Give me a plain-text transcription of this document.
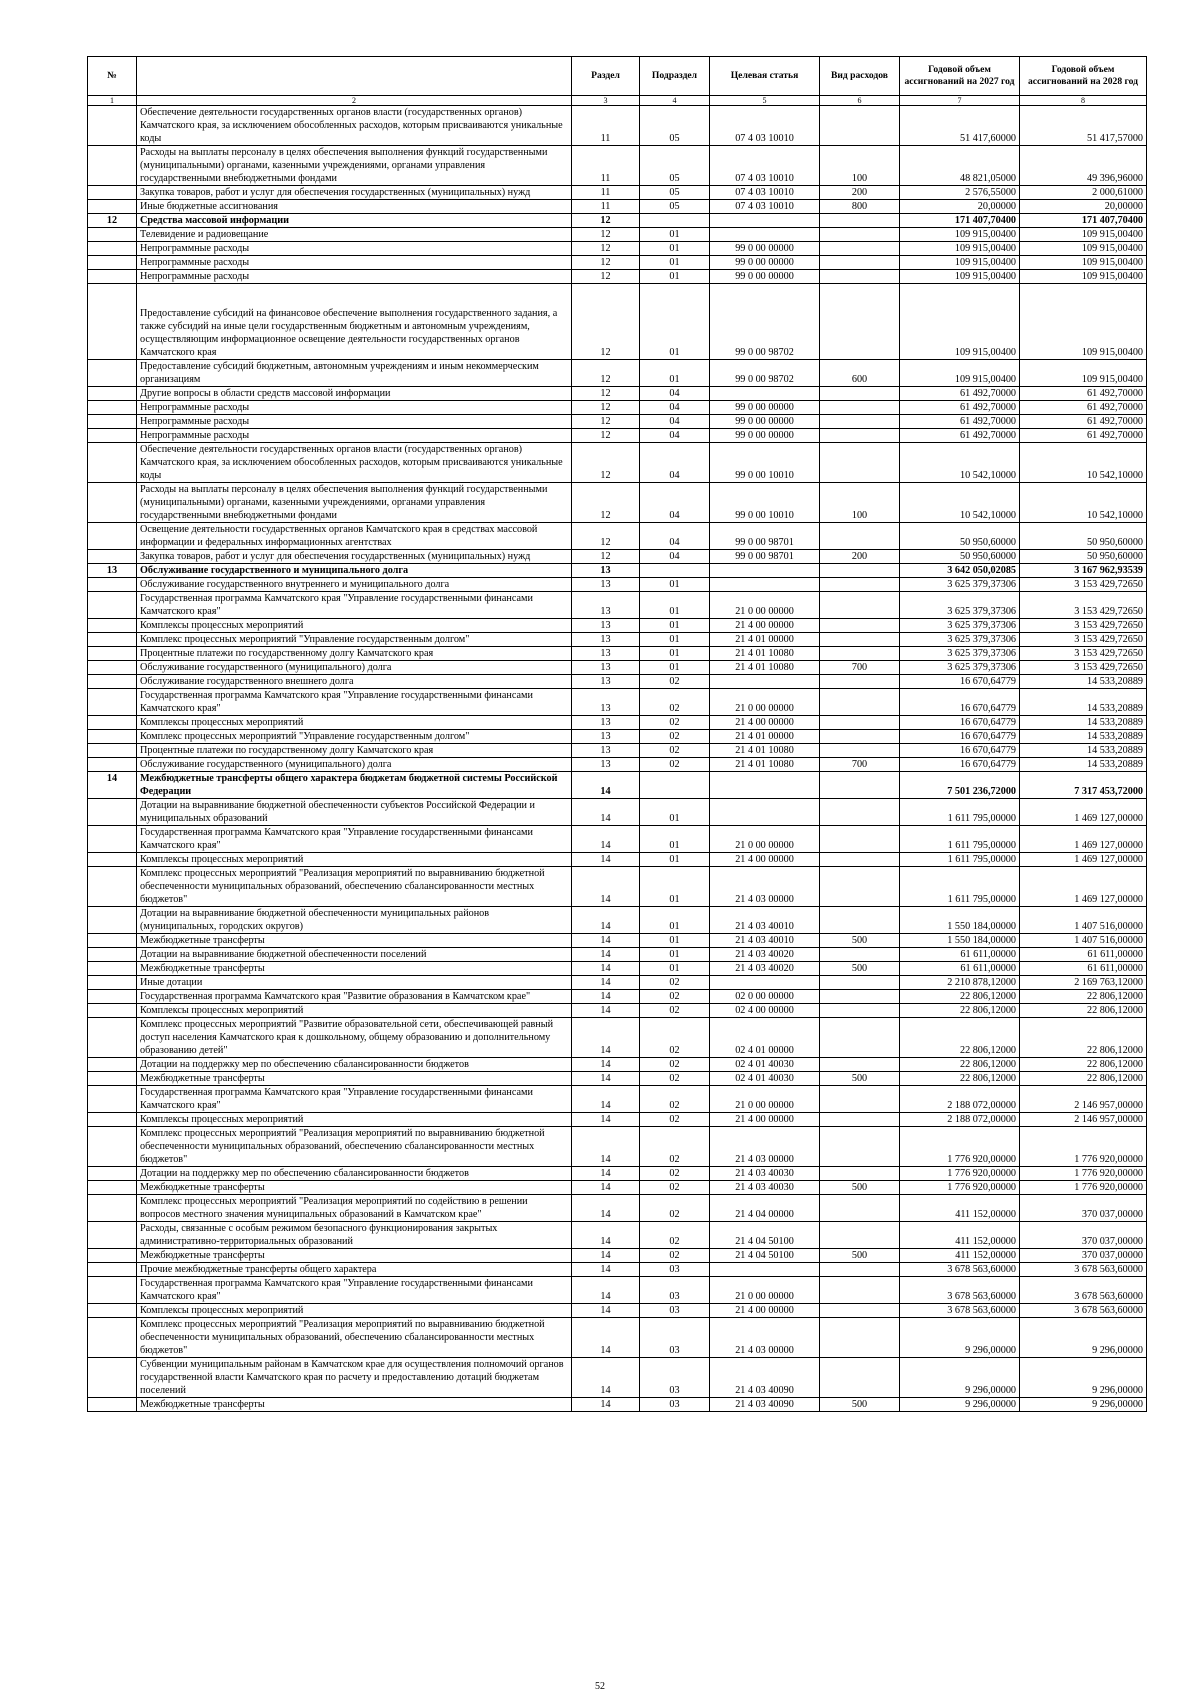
№		Раздел	Подраздел	Целевая статья	Вид расходов	Годовой объем ассигнований на 2027 год	Годовой объем ассигнований на 2028 год
1	2	3	4	5	6	7	8
	Обеспечение деятельности государственных органов власти (государственных органов) Камчатского края, за исключением обособленных расходов, которым присваиваются уникальные коды	11	05	07 4 03 10010		51 417,60000	51 417,57000
	Расходы на выплаты персоналу в целях обеспечения выполнения функций государственными (муниципальными) органами, казенными учреждениями, органами управления государственными внебюджетными фондами	11	05	07 4 03 10010	100	48 821,05000	49 396,96000
	Закупка товаров, работ и услуг для обеспечения государственных (муниципальных) нужд	11	05	07 4 03 10010	200	2 576,55000	2 000,61000
	Иные бюджетные ассигнования	11	05	07 4 03 10010	800	20,00000	20,00000
12	Средства массовой информации	12				171 407,70400	171 407,70400
	Телевидение и радиовещание	12	01			109 915,00400	109 915,00400
	Непрограммные расходы	12	01	99 0 00 00000		109 915,00400	109 915,00400
	Непрограммные расходы	12	01	99 0 00 00000		109 915,00400	109 915,00400
	Непрограммные расходы	12	01	99 0 00 00000		109 915,00400	109 915,00400
	Предоставление субсидий на финансовое обеспечение выполнения государственного задания, а также субсидий на иные цели государственным бюджетным и автономным учреждениям, осуществляющим информационное освещение деятельности государственных органов Камчатского края	12	01	99 0 00 98702		109 915,00400	109 915,00400
	Предоставление субсидий бюджетным, автономным учреждениям и иным некоммерческим организациям	12	01	99 0 00 98702	600	109 915,00400	109 915,00400
	Другие вопросы в области средств массовой информации	12	04			61 492,70000	61 492,70000
	Непрограммные расходы	12	04	99 0 00 00000		61 492,70000	61 492,70000
	Непрограммные расходы	12	04	99 0 00 00000		61 492,70000	61 492,70000
	Непрограммные расходы	12	04	99 0 00 00000		61 492,70000	61 492,70000
	Обеспечение деятельности государственных органов власти (государственных органов) Камчатского края, за исключением обособленных расходов, которым присваиваются уникальные коды	12	04	99 0 00 10010		10 542,10000	10 542,10000
	Расходы на выплаты персоналу в целях обеспечения выполнения функций государственными (муниципальными) органами, казенными учреждениями, органами управления государственными внебюджетными фондами	12	04	99 0 00 10010	100	10 542,10000	10 542,10000
	Освещение деятельности государственных органов Камчатского края в средствах массовой информации и федеральных информационных агентствах	12	04	99 0 00 98701		50 950,60000	50 950,60000
	Закупка товаров, работ и услуг для обеспечения государственных (муниципальных) нужд	12	04	99 0 00 98701	200	50 950,60000	50 950,60000
13	Обслуживание государственного и муниципального долга	13				3 642 050,02085	3 167 962,93539
	Обслуживание государственного внутреннего и муниципального долга	13	01			3 625 379,37306	3 153 429,72650
	Государственная программа Камчатского края "Управление государственными финансами Камчатского края"	13	01	21 0 00 00000		3 625 379,37306	3 153 429,72650
	Комплексы процессных мероприятий	13	01	21 4 00 00000		3 625 379,37306	3 153 429,72650
	Комплекс процессных мероприятий "Управление государственным долгом"	13	01	21 4 01 00000		3 625 379,37306	3 153 429,72650
	Процентные платежи по государственному долгу Камчатского края	13	01	21 4 01 10080		3 625 379,37306	3 153 429,72650
	Обслуживание государственного (муниципального) долга	13	01	21 4 01 10080	700	3 625 379,37306	3 153 429,72650
	Обслуживание государственного внешнего долга	13	02			16 670,64779	14 533,20889
	Государственная программа Камчатского края "Управление государственными финансами Камчатского края"	13	02	21 0 00 00000		16 670,64779	14 533,20889
	Комплексы процессных мероприятий	13	02	21 4 00 00000		16 670,64779	14 533,20889
	Комплекс процессных мероприятий "Управление государственным долгом"	13	02	21 4 01 00000		16 670,64779	14 533,20889
	Процентные платежи по государственному долгу Камчатского края	13	02	21 4 01 10080		16 670,64779	14 533,20889
	Обслуживание государственного (муниципального) долга	13	02	21 4 01 10080	700	16 670,64779	14 533,20889
14	Межбюджетные трансферты общего характера бюджетам бюджетной системы Российской Федерации	14				7 501 236,72000	7 317 453,72000
	Дотации на выравнивание бюджетной обеспеченности субъектов Российской Федерации и муниципальных образований	14	01			1 611 795,00000	1 469 127,00000
	Государственная программа Камчатского края "Управление государственными финансами Камчатского края"	14	01	21 0 00 00000		1 611 795,00000	1 469 127,00000
	Комплексы процессных мероприятий	14	01	21 4 00 00000		1 611 795,00000	1 469 127,00000
	Комплекс процессных мероприятий "Реализация мероприятий по выравниванию бюджетной обеспеченности муниципальных образований, обеспечению сбалансированности местных бюджетов"	14	01	21 4 03 00000		1 611 795,00000	1 469 127,00000
	Дотации на выравнивание бюджетной обеспеченности муниципальных районов (муниципальных, городских округов)	14	01	21 4 03 40010		1 550 184,00000	1 407 516,00000
	Межбюджетные трансферты	14	01	21 4 03 40010	500	1 550 184,00000	1 407 516,00000
	Дотации на выравнивание бюджетной обеспеченности поселений	14	01	21 4 03 40020		61 611,00000	61 611,00000
	Межбюджетные трансферты	14	01	21 4 03 40020	500	61 611,00000	61 611,00000
	Иные дотации	14	02			2 210 878,12000	2 169 763,12000
	Государственная программа Камчатского края "Развитие образования в Камчатском крае"	14	02	02 0 00 00000		22 806,12000	22 806,12000
	Комплексы процессных мероприятий	14	02	02 4 00 00000		22 806,12000	22 806,12000
	Комплекс процессных мероприятий "Развитие образовательной сети, обеспечивающей равный доступ населения Камчатского края к дошкольному, общему образованию и дополнительному образованию детей"	14	02	02 4 01 00000		22 806,12000	22 806,12000
	Дотации на поддержку мер по обеспечению сбалансированности бюджетов	14	02	02 4 01 40030		22 806,12000	22 806,12000
	Межбюджетные трансферты	14	02	02 4 01 40030	500	22 806,12000	22 806,12000
	Государственная программа Камчатского края "Управление государственными финансами Камчатского края"	14	02	21 0 00 00000		2 188 072,00000	2 146 957,00000
	Комплексы процессных мероприятий	14	02	21 4 00 00000		2 188 072,00000	2 146 957,00000
	Комплекс процессных мероприятий "Реализация мероприятий по выравниванию бюджетной обеспеченности муниципальных образований, обеспечению сбалансированности местных бюджетов"	14	02	21 4 03 00000		1 776 920,00000	1 776 920,00000
	Дотации на поддержку мер по обеспечению сбалансированности бюджетов	14	02	21 4 03 40030		1 776 920,00000	1 776 920,00000
	Межбюджетные трансферты	14	02	21 4 03 40030	500	1 776 920,00000	1 776 920,00000
	Комплекс процессных мероприятий "Реализация мероприятий по содействию в решении вопросов местного значения муниципальных образований в Камчатском крае"	14	02	21 4 04 00000		411 152,00000	370 037,00000
	Расходы, связанные с особым режимом безопасного функционирования закрытых административно-территориальных образований	14	02	21 4 04 50100		411 152,00000	370 037,00000
	Межбюджетные трансферты	14	02	21 4 04 50100	500	411 152,00000	370 037,00000
	Прочие межбюджетные трансферты общего характера	14	03			3 678 563,60000	3 678 563,60000
	Государственная программа Камчатского края "Управление государственными финансами Камчатского края"	14	03	21 0 00 00000		3 678 563,60000	3 678 563,60000
	Комплексы процессных мероприятий	14	03	21 4 00 00000		3 678 563,60000	3 678 563,60000
	Комплекс процессных мероприятий "Реализация мероприятий по выравниванию бюджетной обеспеченности муниципальных образований, обеспечению сбалансированности местных бюджетов"	14	03	21 4 03 00000		9 296,00000	9 296,00000
	Субвенции муниципальным районам в Камчатском крае для осуществления полномочий органов государственной власти Камчатского края по расчету и предоставлению дотаций бюджетам поселений	14	03	21 4 03 40090		9 296,00000	9 296,00000
	Межбюджетные трансферты	14	03	21 4 03 40090	500	9 296,00000	9 296,00000
52
